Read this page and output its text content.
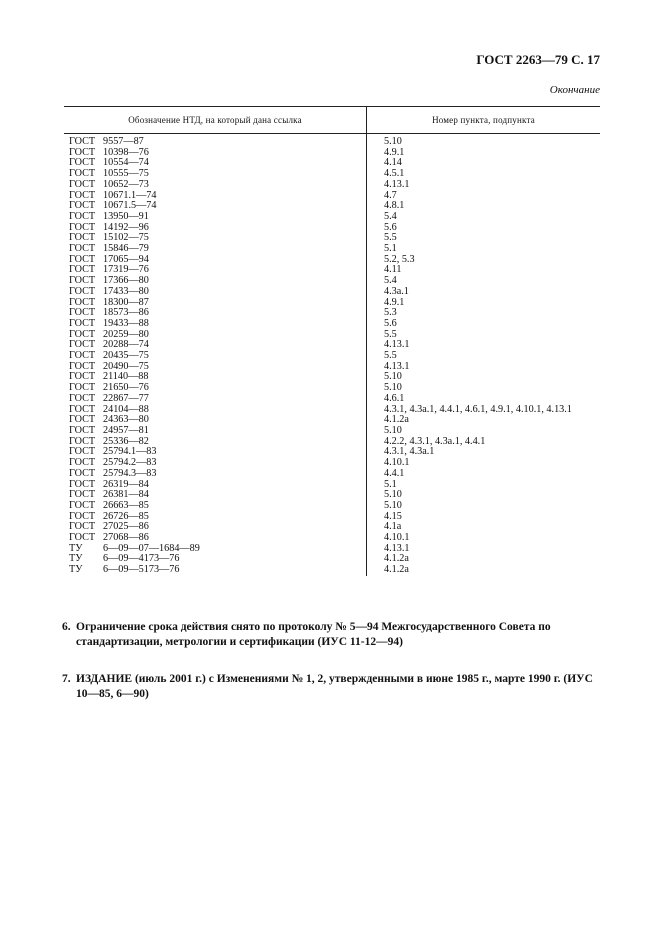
ГОСТ 2263—79 С. 17
Окончание
Обозначение НТД, на который дана ссылка	Номер пункта, подпункта
ГОСТ 9557—87	5.10
ГОСТ 10398—76	4.9.1
ГОСТ 10554—74	4.14
ГОСТ 10555—75	4.5.1
ГОСТ 10652—73	4.13.1
ГОСТ 10671.1—74	4.7
ГОСТ 10671.5—74	4.8.1
ГОСТ 13950—91	5.4
ГОСТ 14192—96	5.6
ГОСТ 15102—75	5.5
ГОСТ 15846—79	5.1
ГОСТ 17065—94	5.2, 5.3
ГОСТ 17319—76	4.11
ГОСТ 17366—80	5.4
ГОСТ 17433—80	4.3а.1
ГОСТ 18300—87	4.9.1
ГОСТ 18573—86	5.3
ГОСТ 19433—88	5.6
ГОСТ 20259—80	5.5
ГОСТ 20288—74	4.13.1
ГОСТ 20435—75	5.5
ГОСТ 20490—75	4.13.1
ГОСТ 21140—88	5.10
ГОСТ 21650—76	5.10
ГОСТ 22867—77	4.6.1
ГОСТ 24104—88	4.3.1, 4.3а.1, 4.4.1, 4.6.1, 4.9.1, 4.10.1, 4.13.1
ГОСТ 24363—80	4.1.2а
ГОСТ 24957—81	5.10
ГОСТ 25336—82	4.2.2, 4.3.1, 4.3а.1, 4.4.1
ГОСТ 25794.1—83	4.3.1, 4.3а.1
ГОСТ 25794.2—83	4.10.1
ГОСТ 25794.3—83	4.4.1
ГОСТ 26319—84	5.1
ГОСТ 26381—84	5.10
ГОСТ 26663—85	5.10
ГОСТ 26726—85	4.15
ГОСТ 27025—86	4.1а
ГОСТ 27068—86	4.10.1
ТУ 6—09—07—1684—89	4.13.1
ТУ 6—09—4173—76	4.1.2а
ТУ 6—09—5173—76	4.1.2а
6. Ограничение срока действия снято по протоколу № 5—94 Межгосударственного Совета по стандартизации, метрологии и сертификации (ИУС 11-12—94)
7. ИЗДАНИЕ (июль 2001 г.) с Изменениями № 1, 2, утвержденными в июне 1985 г., марте 1990 г. (ИУС 10—85, 6—90)
